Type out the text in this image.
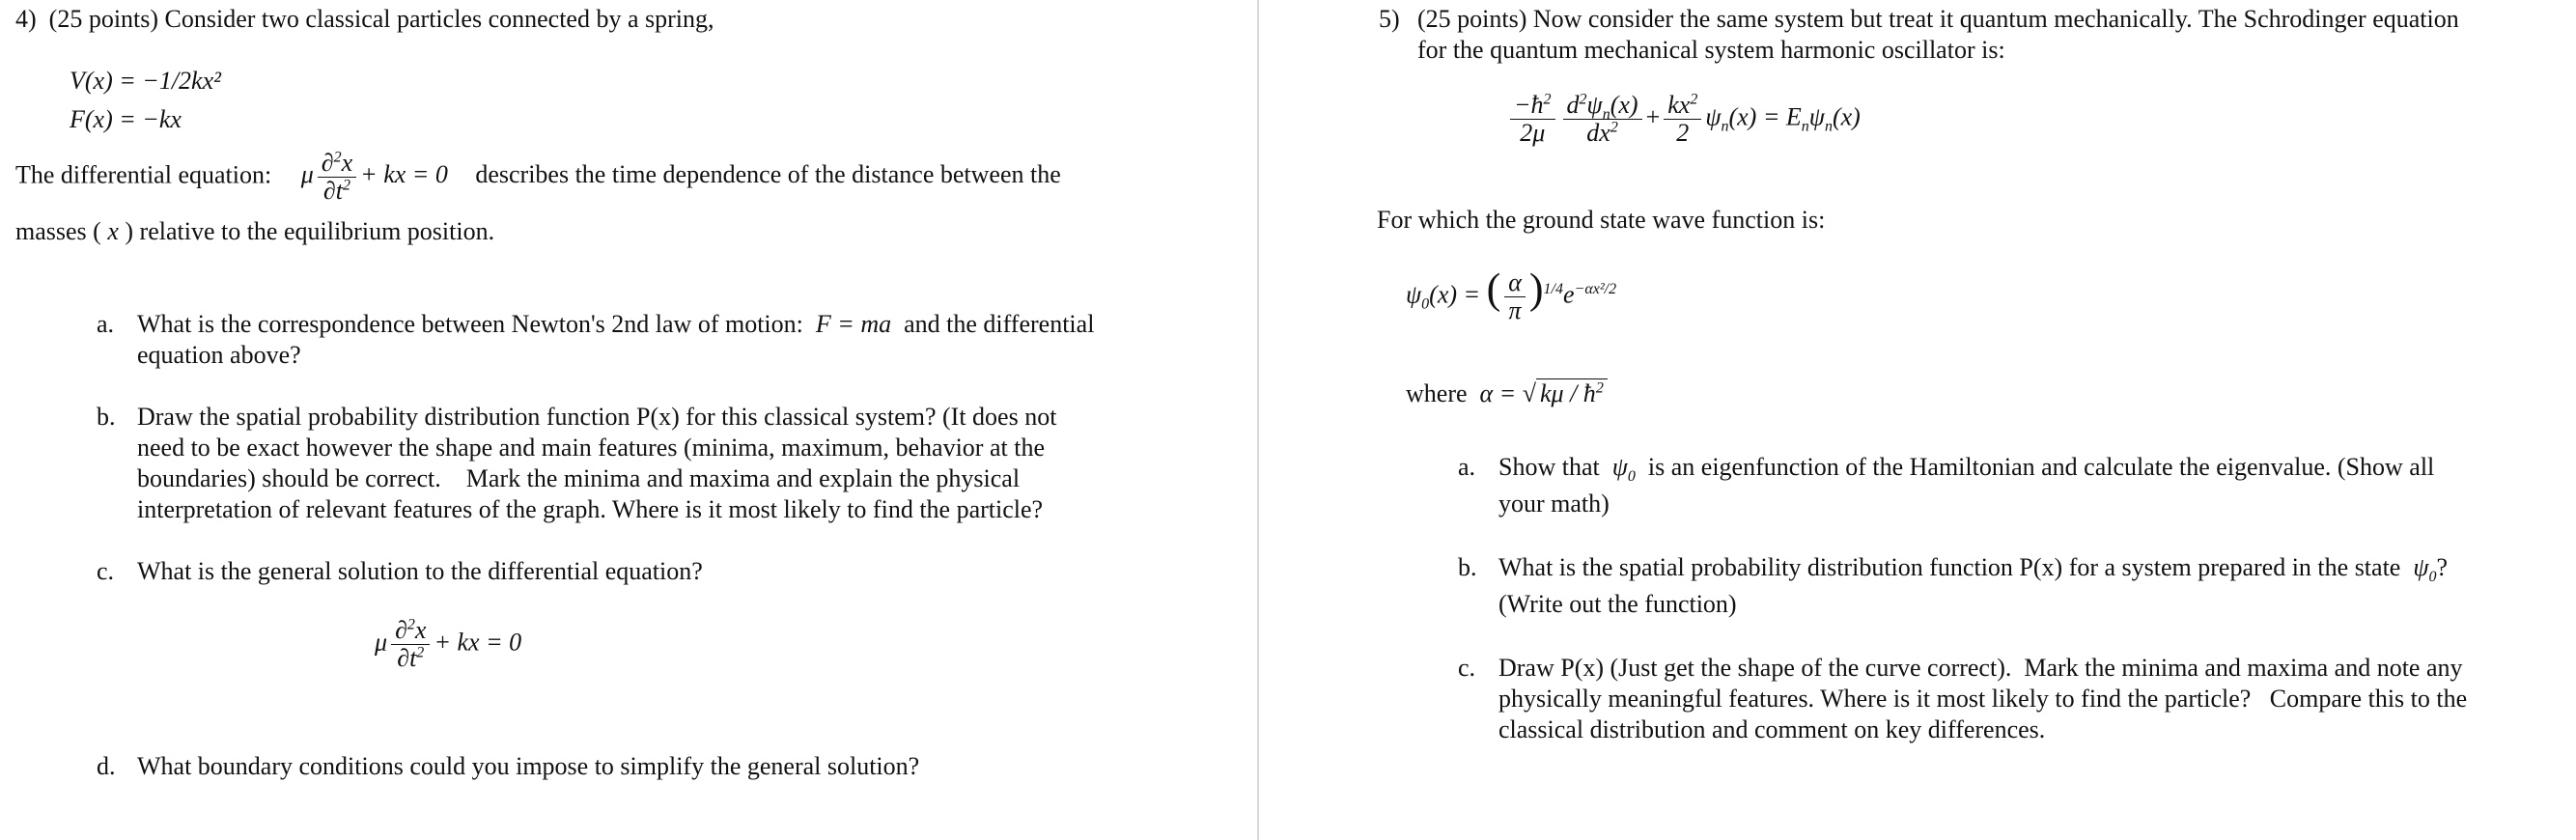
4) (25 points) Consider two classical particles connected by a spring,
V(x) = −1/2kx²
F(x) = −kx
The differential equation: μ $\frac{\partial^2x}{\partial t^2}$ + kx = 0 describes the time dependence of the distance between the
masses ( x ) relative to the equilibrium position.
a. What is the correspondence between Newton's 2nd law of motion: F = ma and the differential
equation above?
b. Draw the spatial probability distribution function P(x) for this classical system? (It does not
need to be exact however the shape and main features (minima, maximum, behavior at the
boundaries) should be correct.    Mark the minima and maxima and explain the physical
interpretation of relevant features of the graph. Where is it most likely to find the particle?
c. What is the general solution to the differential equation?
μ $\frac{\partial^2x}{\partial t^2}$ + kx = 0
d. What boundary conditions could you impose to simplify the general solution?
5) (25 points) Now consider the same system but treat it quantum mechanically. The Schrodinger equation
for the quantum mechanical system harmonic oscillator is:
$\frac{-ħ^2}{2\mu} \frac{d^2\psi_n(x)}{dx^2} + \frac{kx^2}{2} \psi_n(x) = E_n\psi_n(x)$
For which the ground state wave function is:
$\psi_0(x)$ = ( $\frac{\alpha}{\pi} )^{1/4}e^{-\alpha x^2/2}$
where  α = √ kμ / $ħ^2$
a. Show that $\psi_0$ is an eigenfunction of the Hamiltonian and calculate the eigenvalue. (Show all
your math)
b. What is the spatial probability distribution function P(x) for a system prepared in the state $\psi_0$?
(Write out the function)
c. Draw P(x) (Just get the shape of the curve correct).  Mark the minima and maxima and note any
physically meaningful features. Where is it most likely to find the particle?   Compare this to the
classical distribution and comment on key differences.
